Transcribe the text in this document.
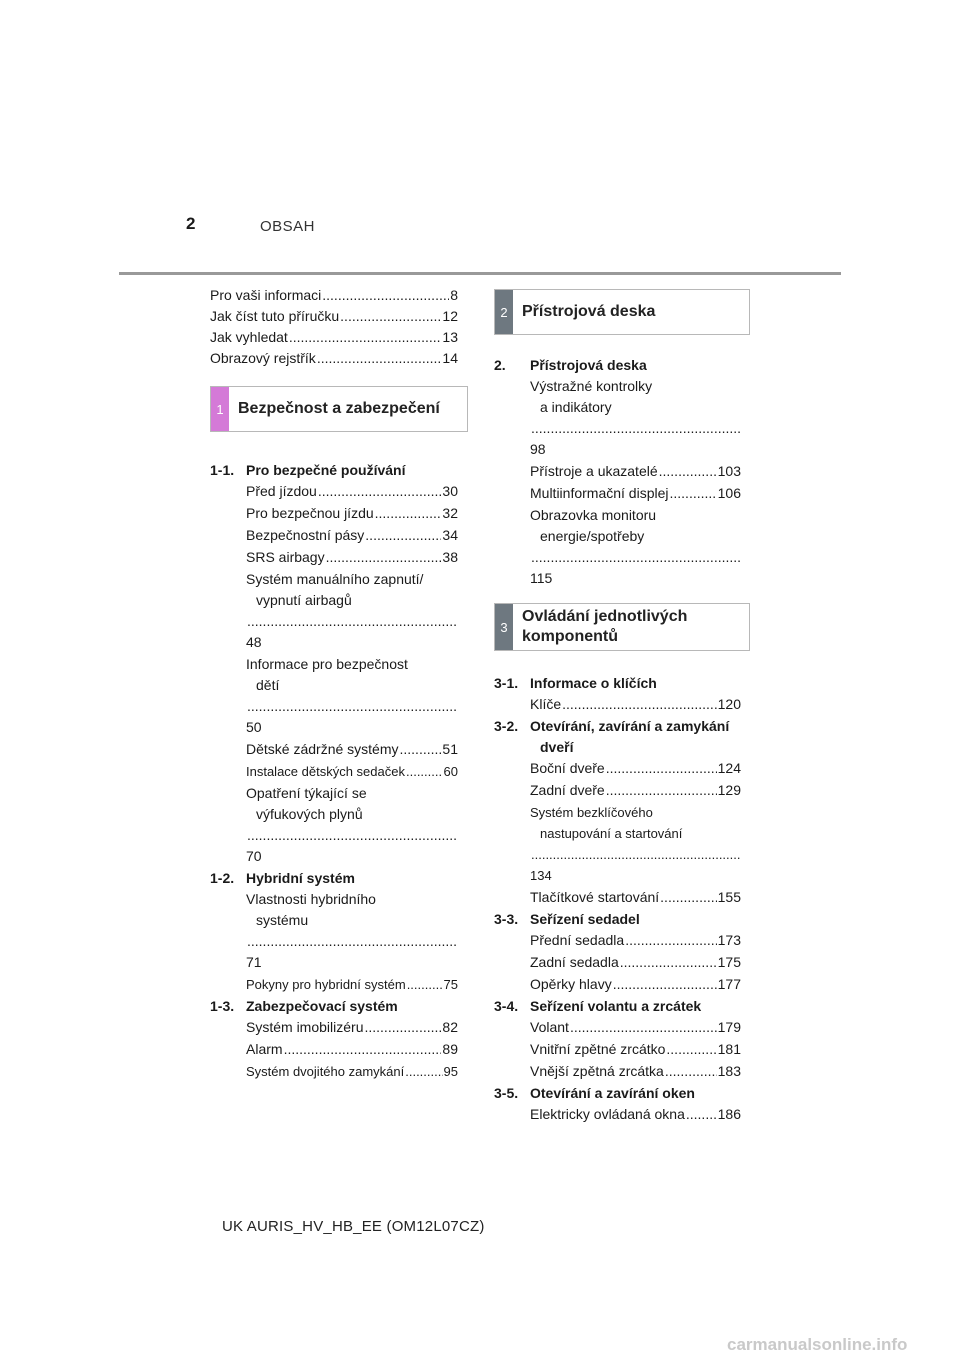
2	OBSAH
Pro vaši informaci .....	8
Jak číst tuto příručku .....	12
Jak vyhledat .....	13
Obrazový rejstřík .....	14
1 Bezpečnost a zabezpečení
1-1. Pro bezpečné používání
Před jízdou .....	30
Pro bezpečnou jízdu .....	32
Bezpečnostní pásy .....	34
SRS airbagy .....	38
Systém manuálního zapnutí/
vypnutí airbagů
.....
48
Informace pro bezpečnost
dětí
.....
50
Dětské zádržné systémy .....	51
Instalace dětských sedaček .....	60
Opatření týkající se
výfukových plynů
.....
70
1-2. Hybridní systém
Vlastnosti hybridního
systému
.....
71
Pokyny pro hybridní systém .....	75
1-3. Zabezpečovací systém
Systém imobilizéru .....	82
Alarm .....	89
Systém dvojitého zamykání .....	95
2 Přístrojová deska
2.	Přístrojová deska
Výstražné kontrolky
a indikátory
.....
98
Přístroje a ukazatelé .....	103
Multiinformační displej .....	106
Obrazovka monitoru
energie/spotřeby
.....
115
3
Ovládání jednotlivých
komponentů
3-1. Informace o klíčích
Klíče .....	120
3-2. Otevírání, zavírání a zamykání
dveří
Boční dveře .....	124
Zadní dveře .....	129
Systém bezklíčového
nastupování a startování
.....
134
Tlačítkové startování .....	155
3-3. Seřízení sedadel
Přední sedadla .....	173
Zadní sedadla .....	175
Opěrky hlavy .....	177
3-4. Seřízení volantu a zrcátek
Volant .....	179
Vnitřní zpětné zrcátko .....	181
Vnější zpětná zrcátka .....	183
3-5. Otevírání a zavírání oken
Elektricky ovládaná okna ..... 186
UK AURIS_HV_HB_EE (OM12L07CZ)
carmanualsonline.info
